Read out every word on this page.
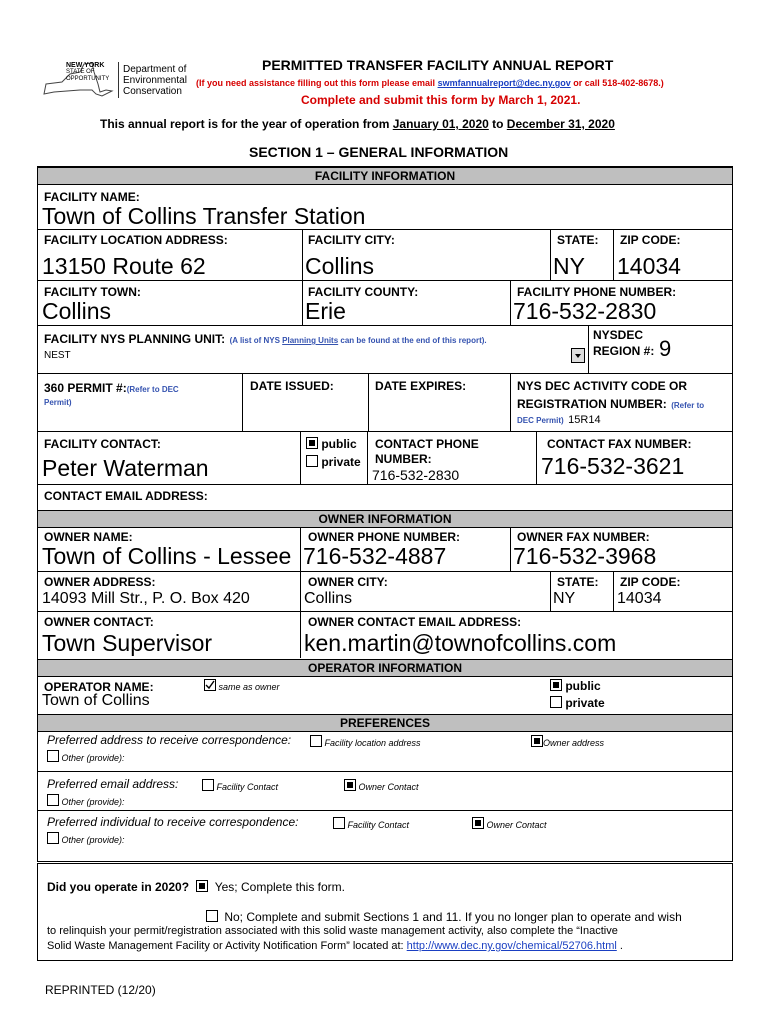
NEW YORK
STATE OF
OPPORTUNITY
Department of
Environmental
Conservation
PERMITTED TRANSFER FACILITY ANNUAL REPORT
(If you need assistance filling out this form please email swmfannualreport@dec.ny.gov or call 518-402-8678.)
Complete and submit this form by March 1, 2021.
This annual report is for the year of operation from January 01, 2020 to December 31, 2020
SECTION 1 – GENERAL INFORMATION
FACILITY INFORMATION
FACILITY NAME:
Town of Collins Transfer Station
FACILITY LOCATION ADDRESS:	FACILITY CITY:	STATE: ZIP CODE:
13150 Route 62	Collins	NY 14034
FACILITY TOWN:	FACILITY COUNTY:	FACILITY PHONE NUMBER:
Collins	Erie	716-532-2830
FACILITY NYS PLANNING UNIT: (A list of NYS Planning Units can be found at the end of this report).
NEST
NYSDEC
REGION #: 9
360 PERMIT #:(Refer to DEC
Permit)
DATE ISSUED:	DATE EXPIRES:	NYS DEC ACTIVITY CODE OR
REGISTRATION NUMBER: (Refer to
DEC Permit) 15R14
FACILITY CONTACT:
Peter Waterman
public
private
CONTACT PHONE
NUMBER:
716-532-2830
CONTACT FAX NUMBER:
716-532-3621
CONTACT EMAIL ADDRESS:
OWNER INFORMATION
OWNER NAME:	OWNER PHONE NUMBER:	OWNER FAX NUMBER:
Town of Collins - Lessee 716-532-4887	716-532-3968
OWNER ADDRESS:	OWNER CITY:	STATE: ZIP CODE:
14093 Mill Str., P. O. Box 420	Collins	NY	14034
OWNER CONTACT:	OWNER CONTACT EMAIL ADDRESS:
Town Supervisor	ken.martin@townofcollins.com
OPERATOR INFORMATION
OPERATOR NAME:	same as owner
Town of Collins
public
private
PREFERENCES
Preferred address to receive correspondence:	Facility location address	Owner address
Other (provide):
Preferred email address:	Facility Contact	Owner Contact
Other (provide):
Preferred individual to receive correspondence:	Facility Contact	Owner Contact
Other (provide):
Did you operate in 2020? Yes; Complete this form.
No; Complete and submit Sections 1 and 11. If you no longer plan to operate and wish
to relinquish your permit/registration associated with this solid waste management activity, also complete the “Inactive
Solid Waste Management Facility or Activity Notification Form” located at: http://www.dec.ny.gov/chemical/52706.html .
REPRINTED (12/20)
